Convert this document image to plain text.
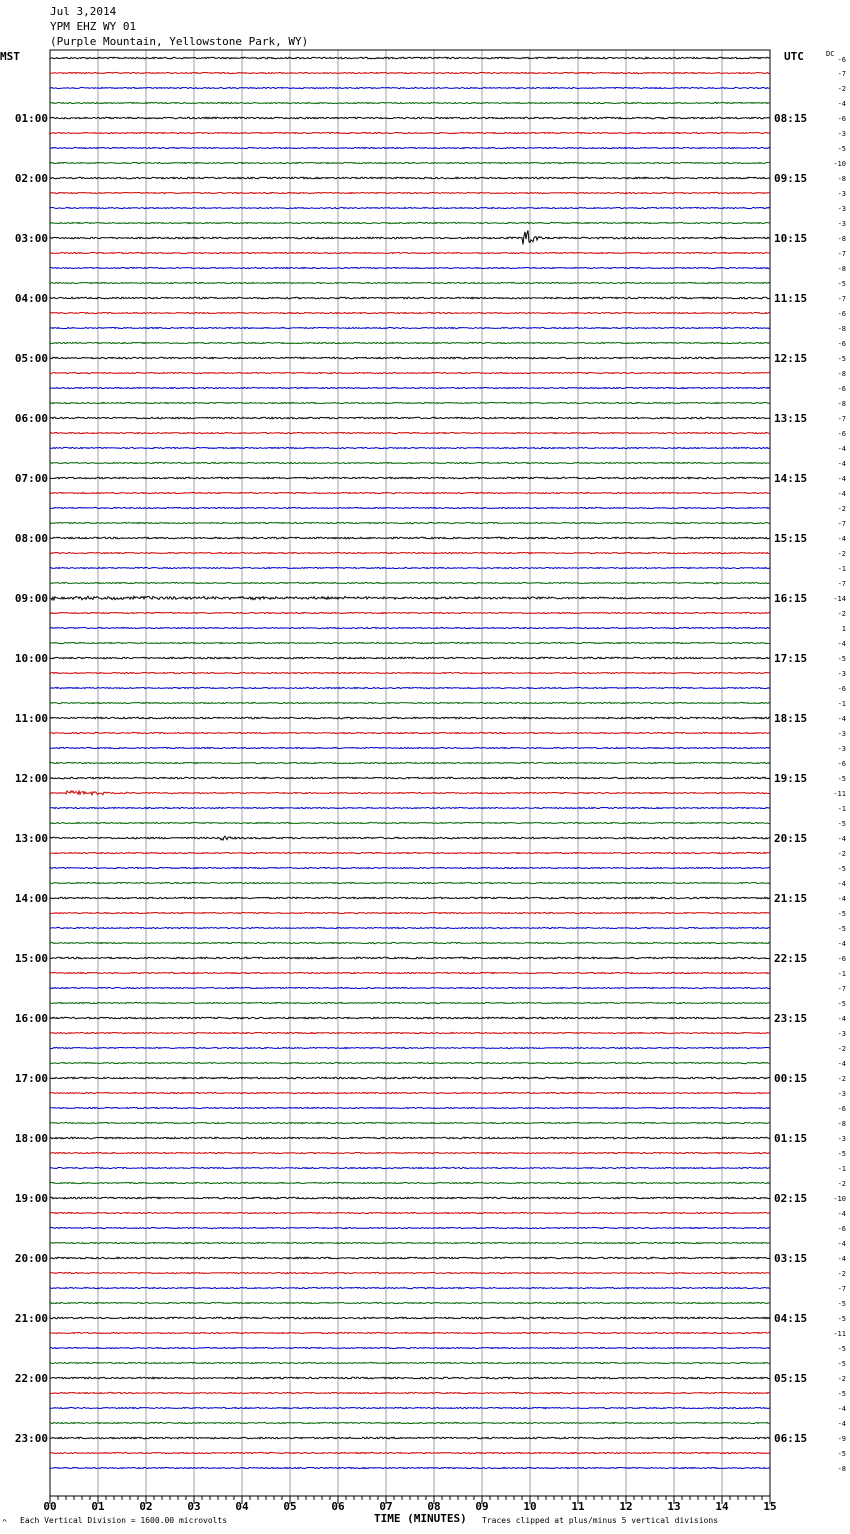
Jul 3,2014
YPM EHZ WY 01
(Purple Mountain, Yellowstone Park, WY)
MST	UTC	-6
-7
-2
-4
-6
-3
-5
-10
-8
-3
-3
-3
-8
-7
-8
-5
-7
-6
-8
-6
-5
-8
-6
-8
-7
-6
-4
-4
-4
-4
-2
-7
-4
-2
-1
-7
-14
-2
1
-4
-5
-3
-6
-1
-4
-3
-3
-6
-5
-11
-1
-5
-4
-2
-5
-4
-4
-5
-5
-4
-6
-1
-7
-5
-4
-3
-2
-4
-2
-3
-6
-8
-3
-5
-1
-2
-10
-4
-6
-4
-4
-2
-7
-5
-5
-11
-5
-5
-2
-5
-4
-4
-9
-5
-8
DC
01:00	08:15
02:00	09:15
03:00	10:15
04:00	11:15
05:00	12:15
06:00	13:15
07:00	14:15
08:00	15:15
09:00	16:15
10:00	17:15
11:00	18:15
12:00	19:15
13:00	20:15
14:00	21:15
15:00	22:15
16:00	23:15
17:00	00:15
18:00	01:15
19:00	02:15
20:00	03:15
21:00	04:15
22:00	05:15
23:00	06:15
00	01	02	03	04	05	06	07	08	09	10	11	12	13	14	15
^ Each Vertical Division = 1600.00 microvolts	TIME (MINUTES) Traces clipped at plus/minus 5 vertical divisions
